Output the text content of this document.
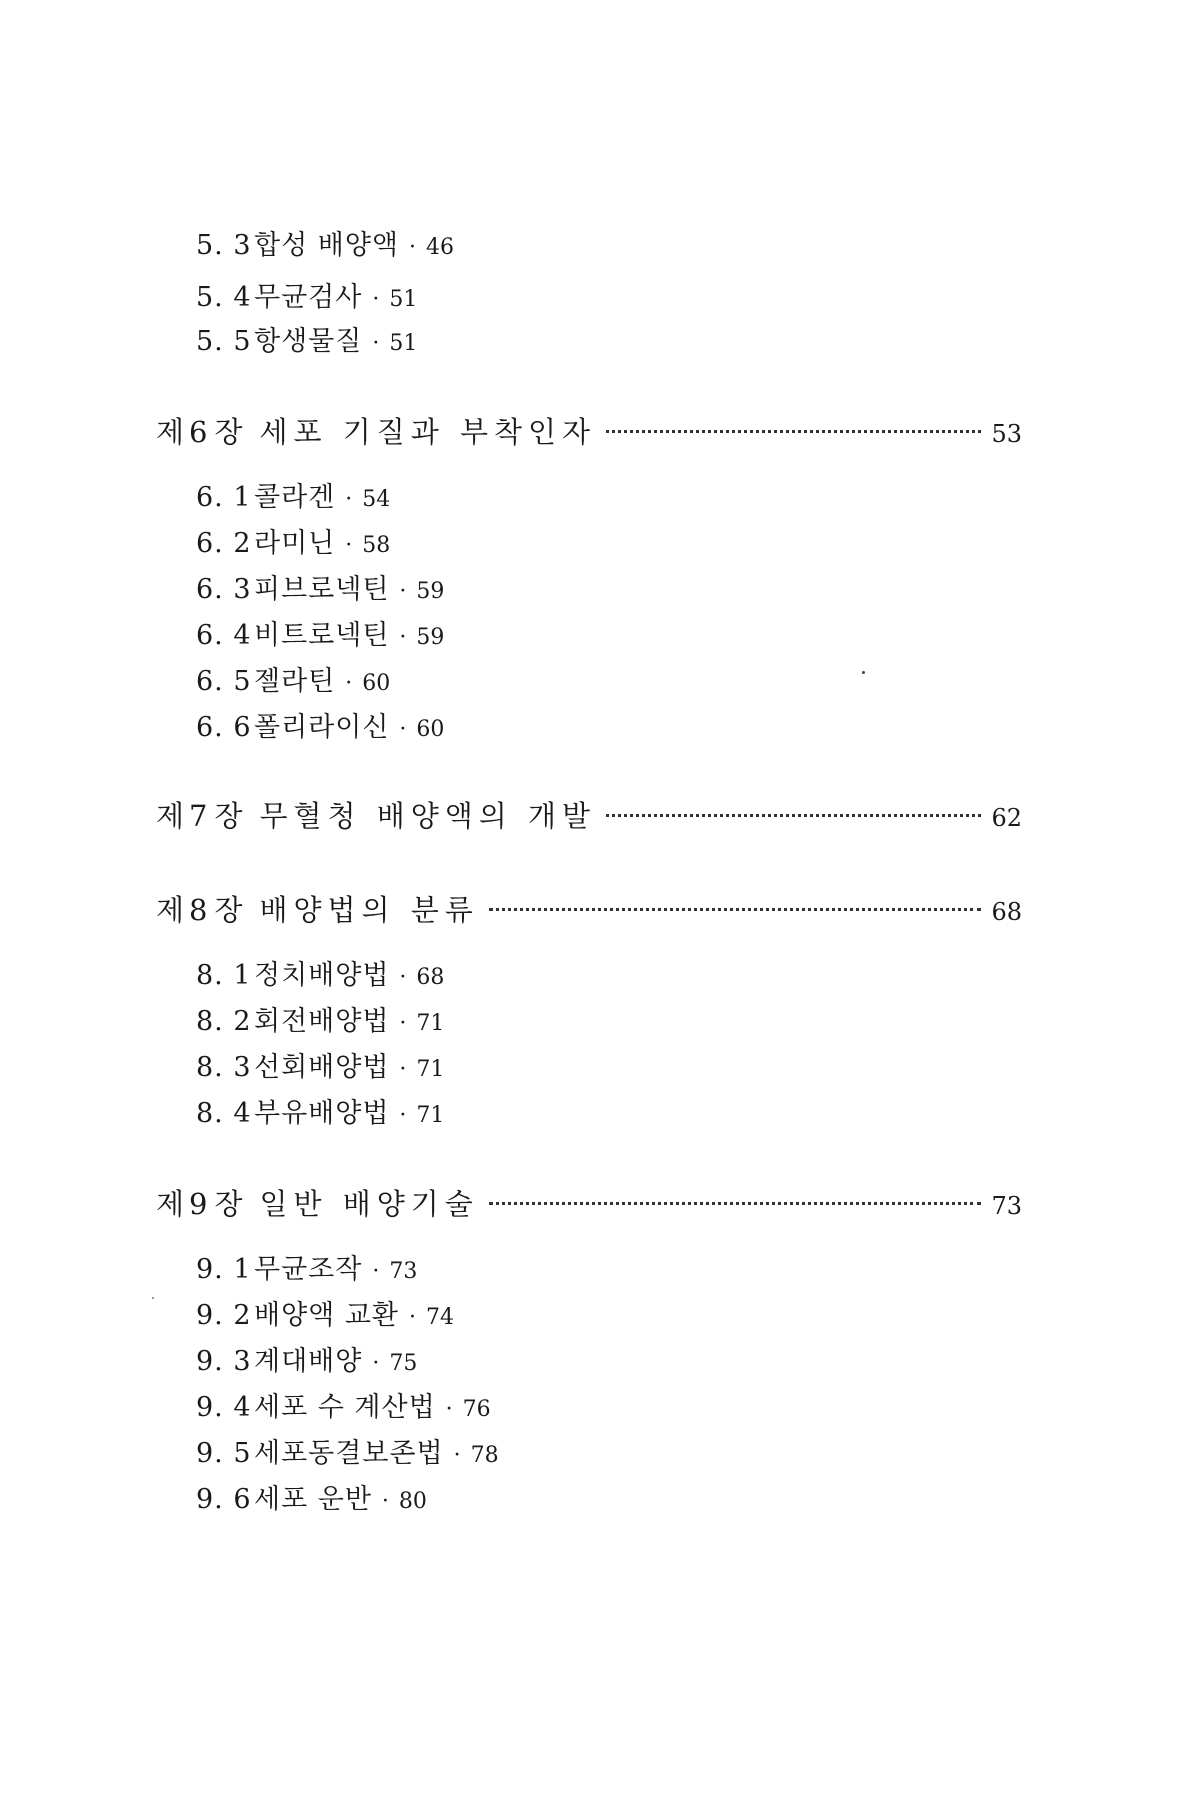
5. 3 합성 배양액 · 46
5. 4 무균검사 · 51
5. 5 항생물질 · 51
제 6 장 세포 기질과 부착인자	53
6. 1 콜라겐 · 54
6. 2 라미닌 · 58
6. 3 피브로넥틴 · 59
6. 4 비트로넥틴 · 59
6. 5 젤라틴 · 60
6. 6 폴리라이신 · 60
제 7 장 무혈청 배양액의 개발	62
제 8 장 배양법의 분류	68
8. 1 정치배양법 · 68
8. 2 회전배양법 · 71
8. 3 선회배양법 · 71
8. 4 부유배양법 · 71
제 9 장 일반 배양기술	73
9. 1 무균조작 · 73
9. 2 배양액 교환 · 74
9. 3 계대배양 · 75
9. 4 세포 수 계산법 · 76
9. 5 세포동결보존법 · 78
9. 6 세포 운반 · 80
